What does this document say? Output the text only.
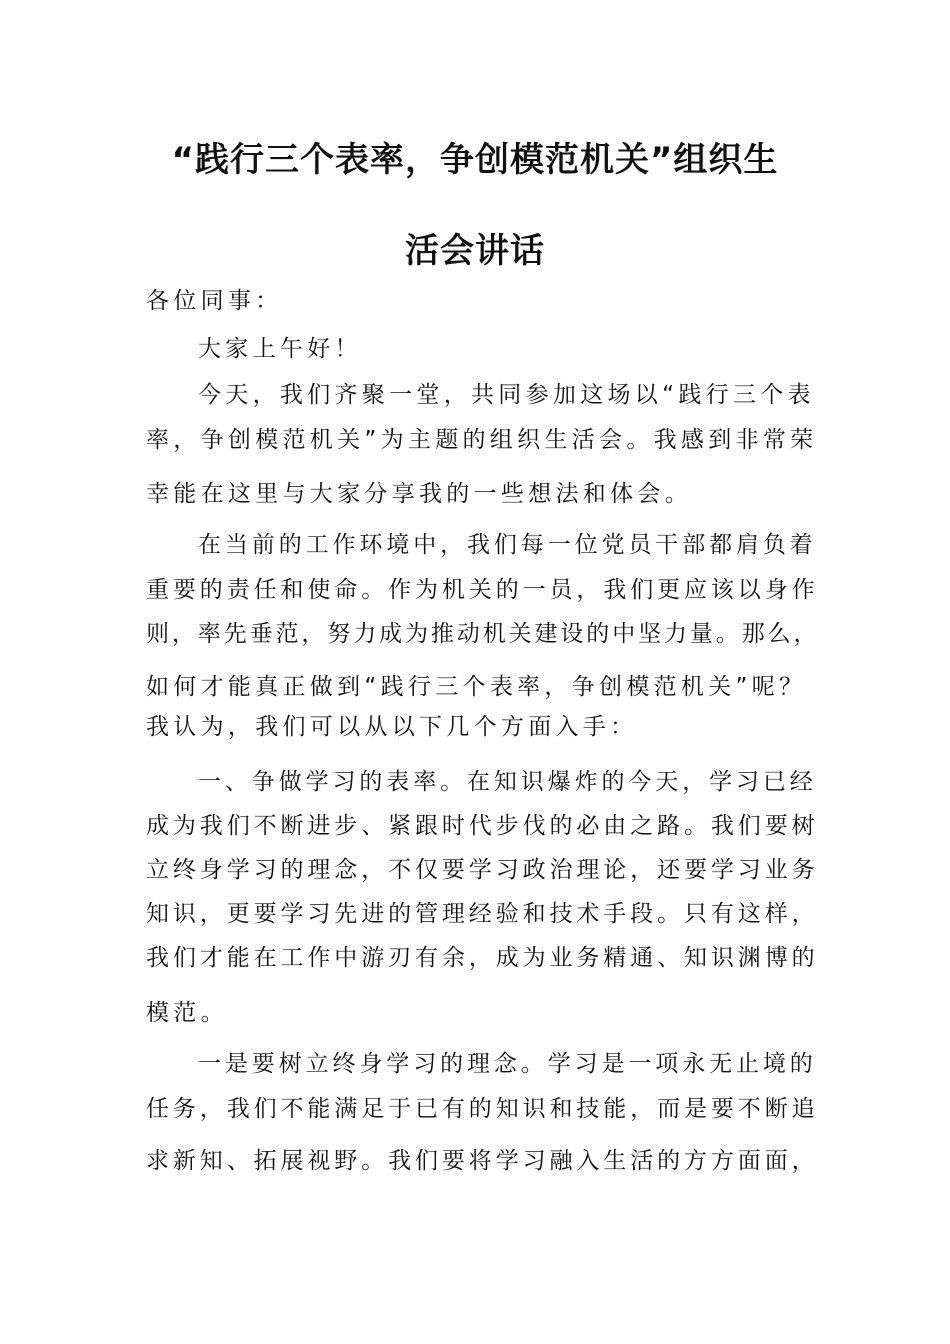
“践行三个表率，争创模范机关”组织生
活会讲话
各位同事：
大家上午好！
今天，我们齐聚一堂，共同参加这场以“践行三个表
率，争创模范机关”为主题的组织生活会。我感到非常荣
幸能在这里与大家分享我的一些想法和体会。
在当前的工作环境中，我们每一位党员干部都肩负着
重要的责任和使命。作为机关的一员，我们更应该以身作
则，率先垂范，努力成为推动机关建设的中坚力量。那么，
如何才能真正做到“践行三个表率，争创模范机关”呢？
我认为，我们可以从以下几个方面入手：
一、争做学习的表率。在知识爆炸的今天，学习已经
成为我们不断进步、紧跟时代步伐的必由之路。我们要树
立终身学习的理念，不仅要学习政治理论，还要学习业务
知识，更要学习先进的管理经验和技术手段。只有这样，
我们才能在工作中游刃有余，成为业务精通、知识渊博的
模范。
一是要树立终身学习的理念。学习是一项永无止境的
任务，我们不能满足于已有的知识和技能，而是要不断追
求新知、拓展视野。我们要将学习融入生活的方方面面，
